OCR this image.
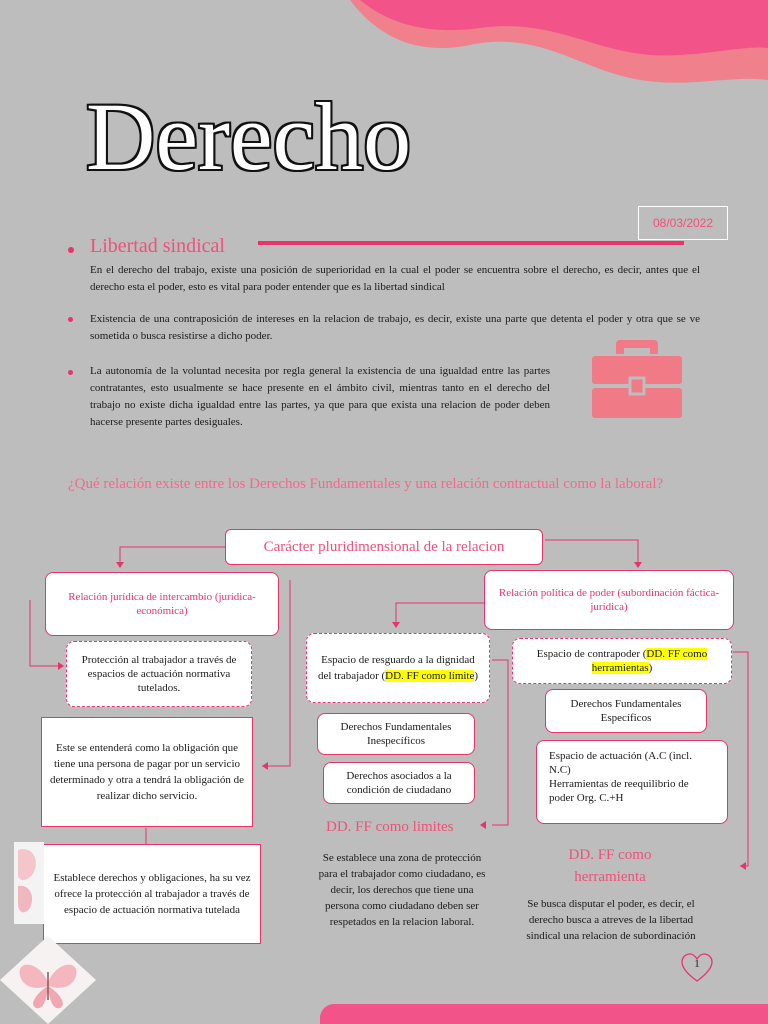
Derecho
08/03/2022
Libertad sindical
En el derecho del trabajo, existe una posición de superioridad en la cual el poder se encuentra sobre el derecho, es decir, antes que el derecho esta el poder, esto es vital para poder entender que es la libertad sindical
Existencia de una contraposición de intereses en la relacion de trabajo, es decir, existe una parte que detenta el poder y otra que se ve sometida o busca resistirse a dicho poder.
La autonomía de la voluntad necesita por regla general la existencia de una igualdad entre las partes contratantes, esto usualmente se hace presente en el ámbito civil, mientras tanto en el derecho del trabajo no existe dicha igualdad entre las partes, ya que para que exista una relacion de poder deben hacerse presente partes desiguales.
¿Qué relación existe entre los Derechos Fundamentales y una relación contractual como la laboral?
Carácter pluridimensional de la relacion
Relación jurídica de intercambio (jurídica-económica)
Protección al trabajador a través de espacios de actuación normativa tutelados.
Este se entenderá como la obligación que tiene una persona de pagar por un servicio determinado y otra a tendrá la obligación de realizar dicho servicio.
Establece derechos y obligaciones, ha su vez ofrece la protección al trabajador a través de espacio de actuación normativa tutelada
Relación política de poder (subordinación fáctica-jurídica)
Espacio de resguardo a la dignidad del trabajador (DD. FF como límite)
Derechos Fundamentales Inespecíficos
Derechos asociados a la condición de ciudadano
DD. FF como limites
Se establece una zona de protección para el trabajador como ciudadano, es decir, los derechos que tiene una persona como ciudadano deben ser respetados en la relacion laboral.
Espacio de contrapoder (DD. FF como herramientas)
Derechos Fundamentales Específicos
Espacio de actuación (A.C (incl. N.C)
Herramientas de reequilibrio de poder Org. C.+H
DD. FF como herramienta
Se busca disputar el poder, es decir, el derecho busca a atreves de la libertad sindical una relacion de subordinación
1
